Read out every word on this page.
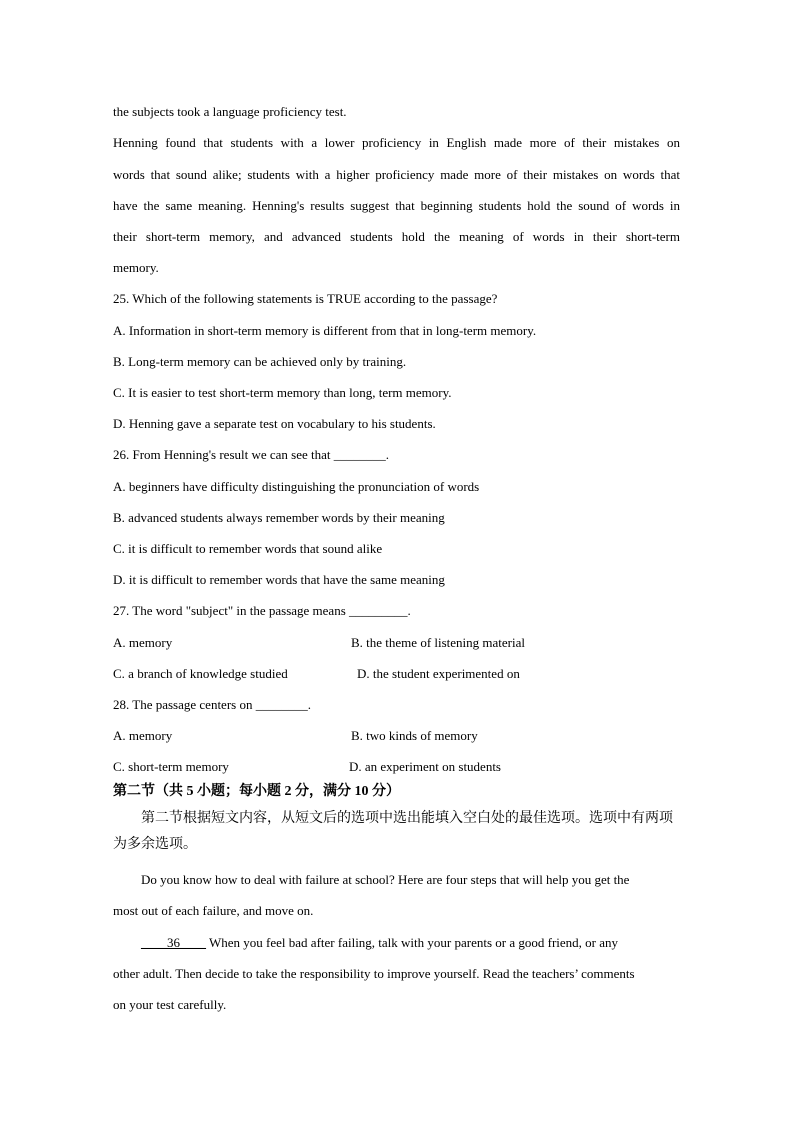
the subjects took a language proficiency test.
Henning found that students with a lower proficiency in English made more of their mistakes on
words that sound alike; students with a higher proficiency made more of their mistakes on words that
have the same meaning. Henning's results suggest that beginning students hold the sound of words in
their short-term memory, and advanced students hold the meaning of words in their short-term
memory.
25. Which of the following statements is TRUE according to the passage?
A. Information in short-term memory is different from that in long-term memory.
B. Long-term memory can be achieved only by training.
C. It is easier to test short-term memory than long, term memory.
D. Henning gave a separate test on vocabulary to his students.
26. From Henning's result we can see that ________.
A. beginners have difficulty distinguishing the pronunciation of words
B. advanced students always remember words by their meaning
C. it is difficult to remember words that sound alike
D. it is difficult to remember words that have the same meaning
27. The word "subject" in the passage means _________.
A. memory	B. the theme of listening material
C. a branch of knowledge studied	D. the student experimented on
28. The passage centers on ________.
A. memory	B. two kinds of memory
C. short-term memory	D. an experiment on students
第二节（共 5 小题；每小题 2 分，满分 10 分）
第二节根据短文内容，从短文后的选项中选出能填入空白处的最佳选项。选项中有两项
为多余选项。
Do you know how to deal with failure at school? Here are four steps that will help you get the
most out of each failure, and move on.
____36____ When you feel bad after failing, talk with your parents or a good friend, or any
other adult. Then decide to take the responsibility to improve yourself. Read the teachers’ comments
on your test carefully.
